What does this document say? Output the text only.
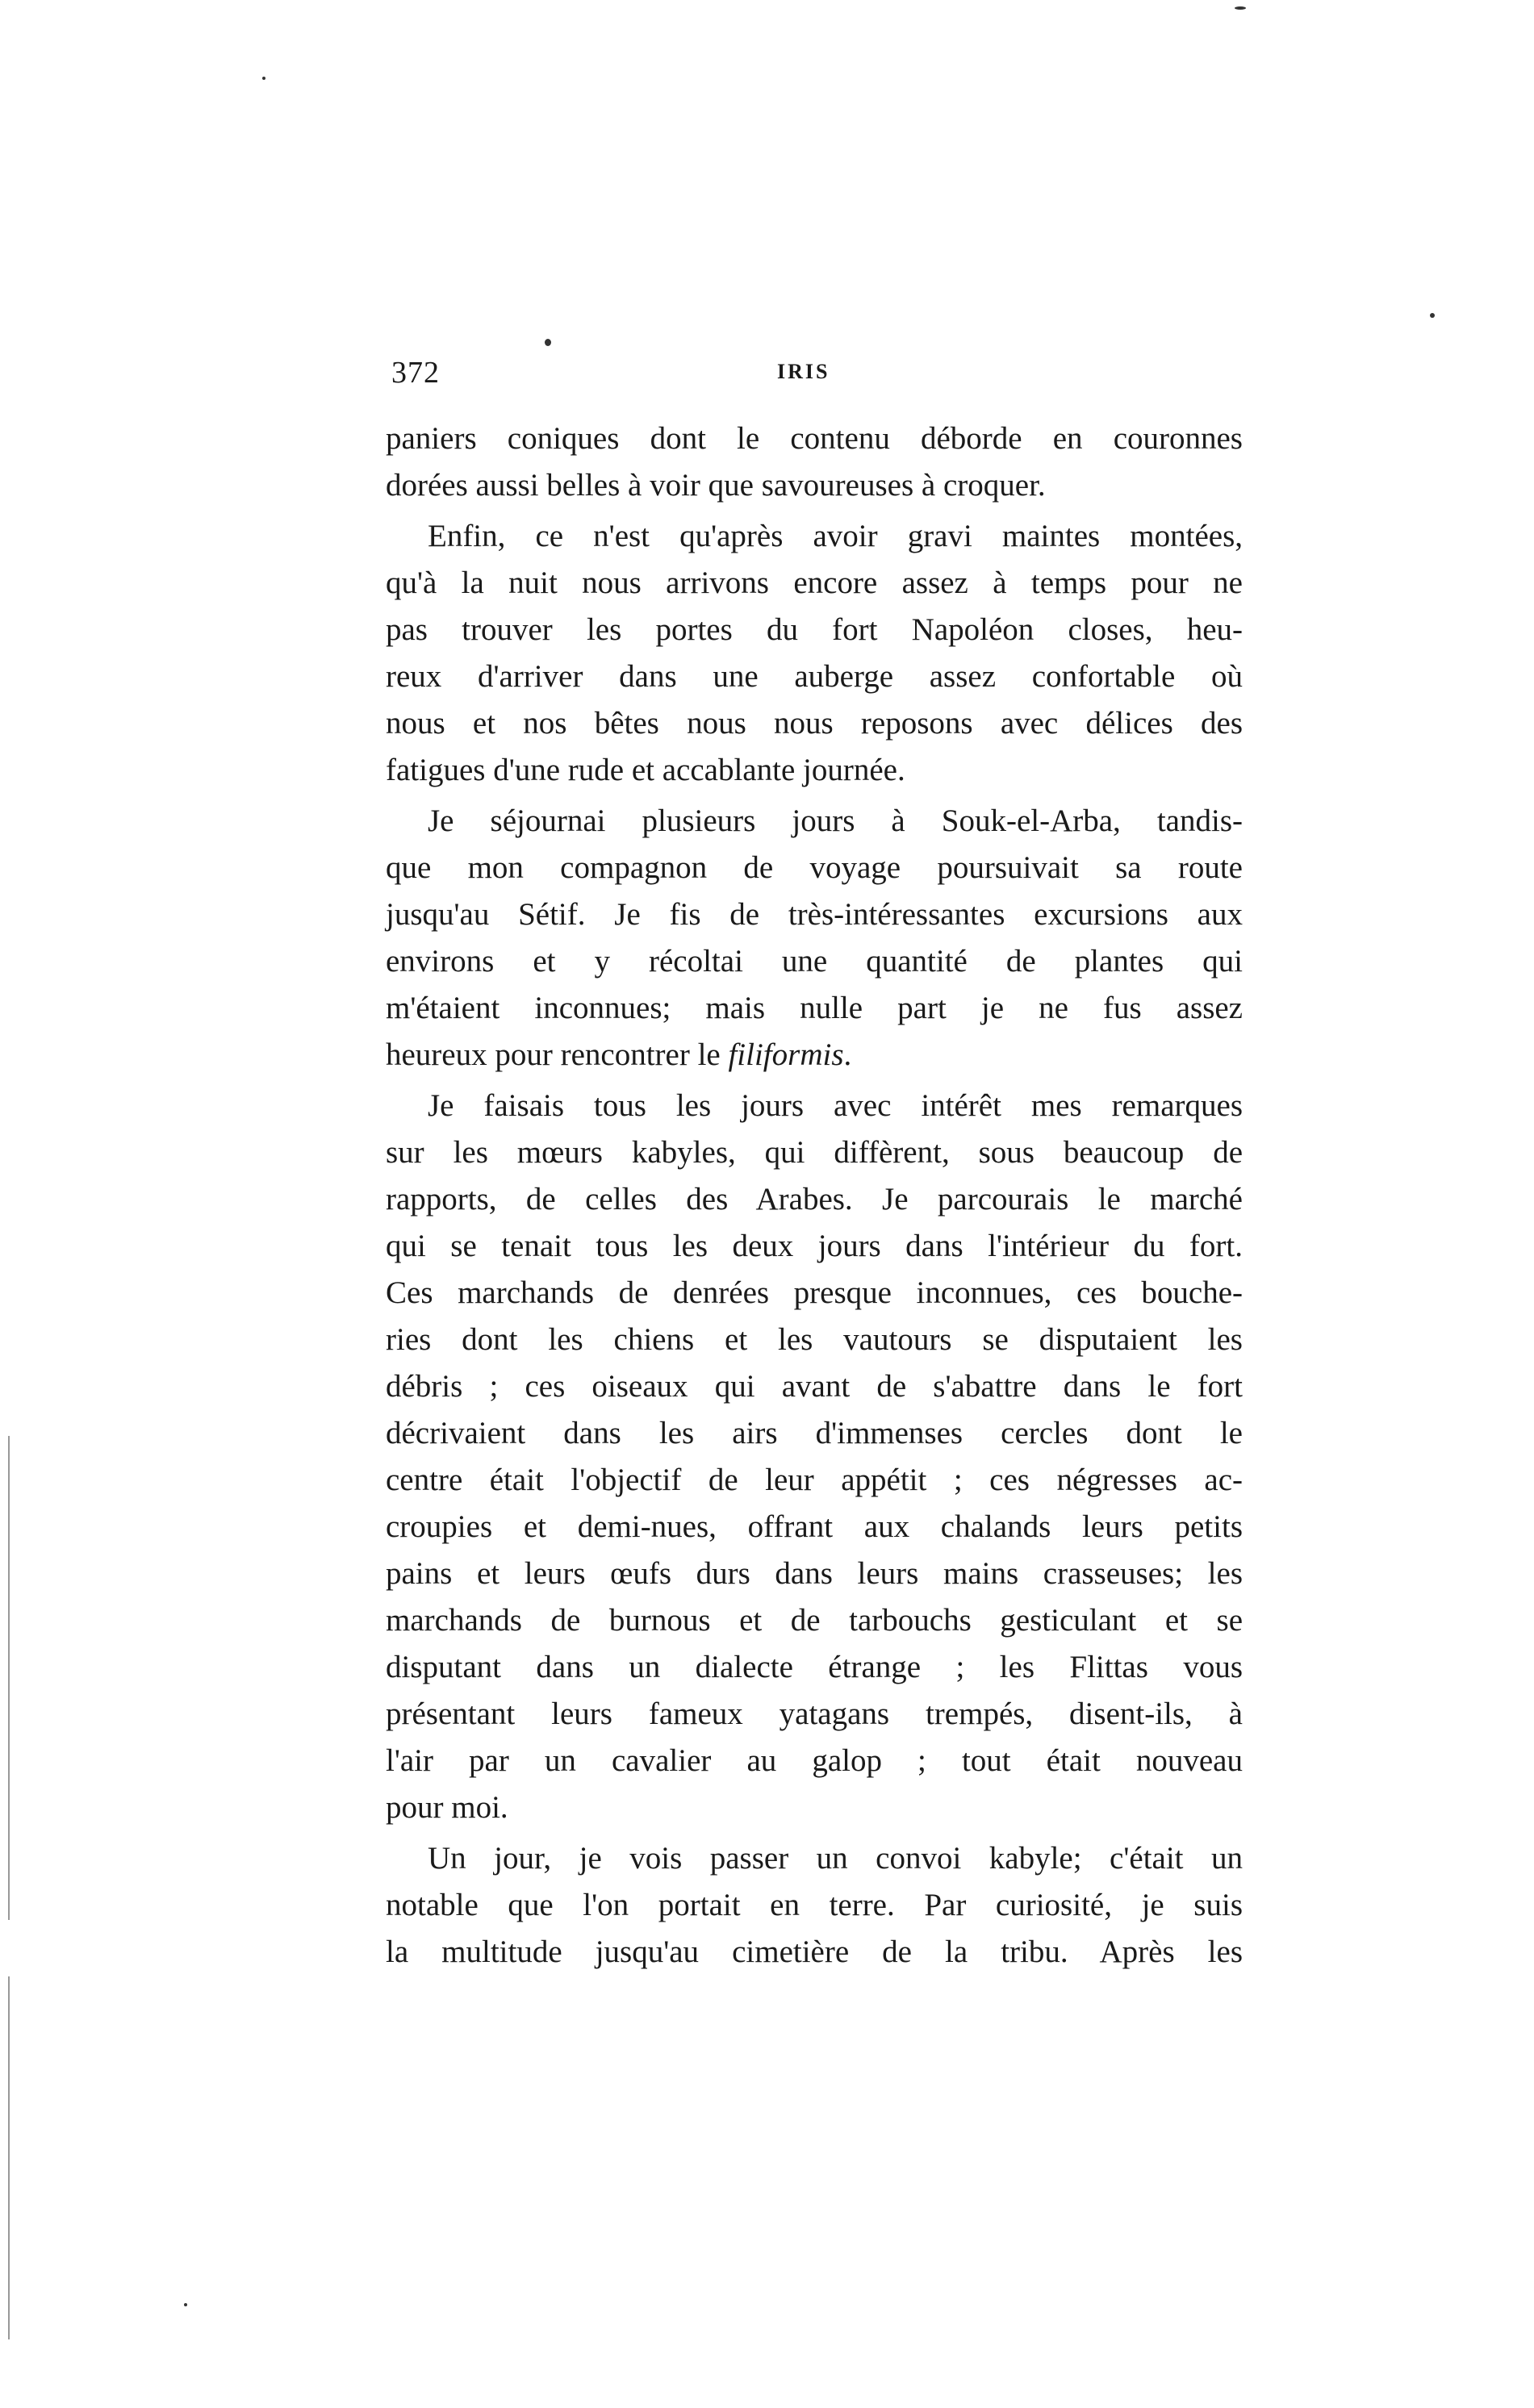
372	IRIS
paniers coniques dont le contenu déborde en couronnes
dorées aussi belles à voir que savoureuses à croquer.
Enfin, ce n'est qu'après avoir gravi maintes montées,
qu'à la nuit nous arrivons encore assez à temps pour ne
pas trouver les portes du fort Napoléon closes, heu-
reux d'arriver dans une auberge assez confortable où
nous et nos bêtes nous nous reposons avec délices des
fatigues d'une rude et accablante journée.
Je séjournai plusieurs jours à Souk-el-Arba, tandis-
que mon compagnon de voyage poursuivait sa route
jusqu'au Sétif. Je fis de très-intéressantes excursions aux
environs et y récoltai une quantité de plantes qui
m'étaient inconnues; mais nulle part je ne fus assez
heureux pour rencontrer le filiformis.
Je faisais tous les jours avec intérêt mes remarques
sur les mœurs kabyles, qui diffèrent, sous beaucoup de
rapports, de celles des Arabes. Je parcourais le marché
qui se tenait tous les deux jours dans l'intérieur du fort.
Ces marchands de denrées presque inconnues, ces bouche-
ries dont les chiens et les vautours se disputaient les
débris ; ces oiseaux qui avant de s'abattre dans le fort
décrivaient dans les airs d'immenses cercles dont le
centre était l'objectif de leur appétit ; ces négresses ac-
croupies et demi-nues, offrant aux chalands leurs petits
pains et leurs œufs durs dans leurs mains crasseuses; les
marchands de burnous et de tarbouchs gesticulant et se
disputant dans un dialecte étrange ; les Flittas vous
présentant leurs fameux yatagans trempés, disent-ils, à
l'air par un cavalier au galop ; tout était nouveau
pour moi.
Un jour, je vois passer un convoi kabyle; c'était un
notable que l'on portait en terre. Par curiosité, je suis
la multitude jusqu'au cimetière de la tribu. Après les
